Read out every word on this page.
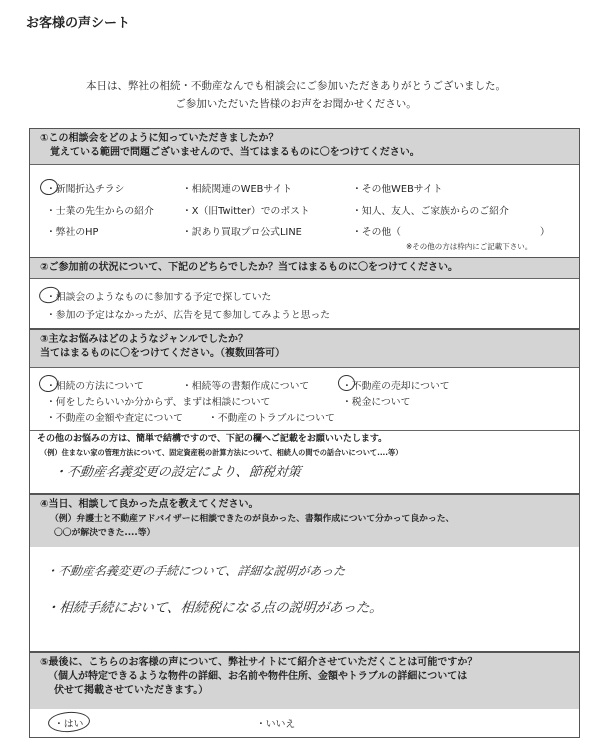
お客様の声シート
本日は、弊社の相続・不動産なんでも相談会にご参加いただきありがとうございました。
ご参加いただいた皆様のお声をお聞かせください。
①この相談会をどのように知っていただきましたか？
覚えている範囲で問題ございませんので、当てはまるものに〇をつけてください。
・新聞折込チラシ	・相続関連のWEBサイト	・その他WEBサイト
・士業の先生からの紹介	・X（旧Twitter）でのポスト	・知人、友人、ご家族からのご紹介
・弊社のHP	・訳あり買取プロ公式LINE	・その他（	）
※その他の方は枠内にご記載下さい。
②ご参加前の状況について、下記のどちらでしたか？当てはまるものに〇をつけてください。
・相談会のようなものに参加する予定で探していた
・参加の予定はなかったが、広告を見て参加してみようと思った
③主なお悩みはどのようなジャンルでしたか？
当てはまるものに〇をつけてください。（複数回答可）
・相続の方法について	・相続等の書類作成について	・不動産の売却について
・何をしたらいいか分からず、まずは相談について	・税金について
・不動産の金額や査定について	・不動産のトラブルについて
その他のお悩みの方は、簡単で結構ですので、下記の欄へご記載をお願いいたします。
（例）住まない家の管理方法について、固定資産税の計算方法について、相続人の間での話合いについて....等）
・不動産名義変更の設定により、節税対策
④当日、相談して良かった点を教えてください。
（例）弁護士と不動産アドバイザーに相談できたのが良かった、書類作成について分かって良かった、
〇〇が解決できた....等）
・不動産名義変更の手続について、詳細な説明があった
・相続手続において、相続税になる点の説明があった。
⑤最後に、こちらのお客様の声について、弊社サイトにて紹介させていただくことは可能ですか？
（個人が特定できるような物件の詳細、お名前や物件住所、金額やトラブルの詳細については
伏せて掲載させていただきます。）
・はい	・いいえ
